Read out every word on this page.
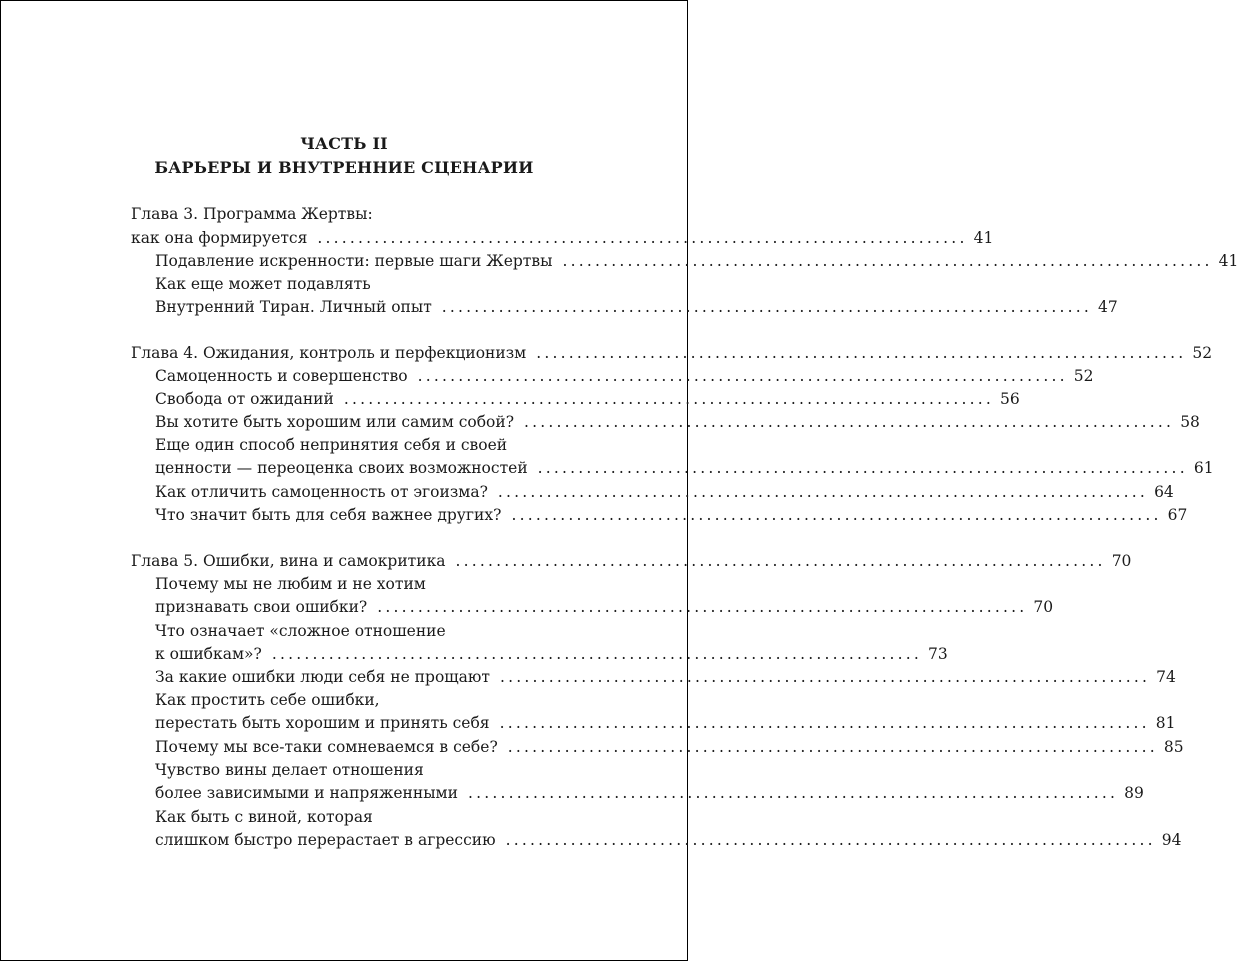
ЧАСТЬ II
БАРЬЕРЫ И ВНУТРЕННИЕ СЦЕНАРИИ
Глава 3. Программа Жертвы:
как она формируется ................................................................................ 41
Подавление искренности: первые шаги Жертвы ................................................................................ 41
Как еще может подавлять
Внутренний Тиран. Личный опыт ................................................................................ 47
Глава 4. Ожидания, контроль и перфекционизм ................................................................................ 52
Самоценность и совершенство ................................................................................ 52
Свобода от ожиданий ................................................................................ 56
Вы хотите быть хорошим или самим собой? ................................................................................ 58
Еще один способ непринятия себя и своей
ценности — переоценка своих возможностей ................................................................................ 61
Как отличить самоценность от эгоизма? ................................................................................ 64
Что значит быть для себя важнее других? ................................................................................ 67
Глава 5. Ошибки, вина и самокритика ................................................................................ 70
Почему мы не любим и не хотим
признавать свои ошибки? ................................................................................ 70
Что означает «сложное отношение
к ошибкам»? ................................................................................ 73
За какие ошибки люди себя не прощают ................................................................................ 74
Как простить себе ошибки,
перестать быть хорошим и принять себя ................................................................................ 81
Почему мы все-таки сомневаемся в себе? ................................................................................ 85
Чувство вины делает отношения
более зависимыми и напряженными ................................................................................ 89
Как быть с виной, которая
слишком быстро перерастает в агрессию ................................................................................ 94
